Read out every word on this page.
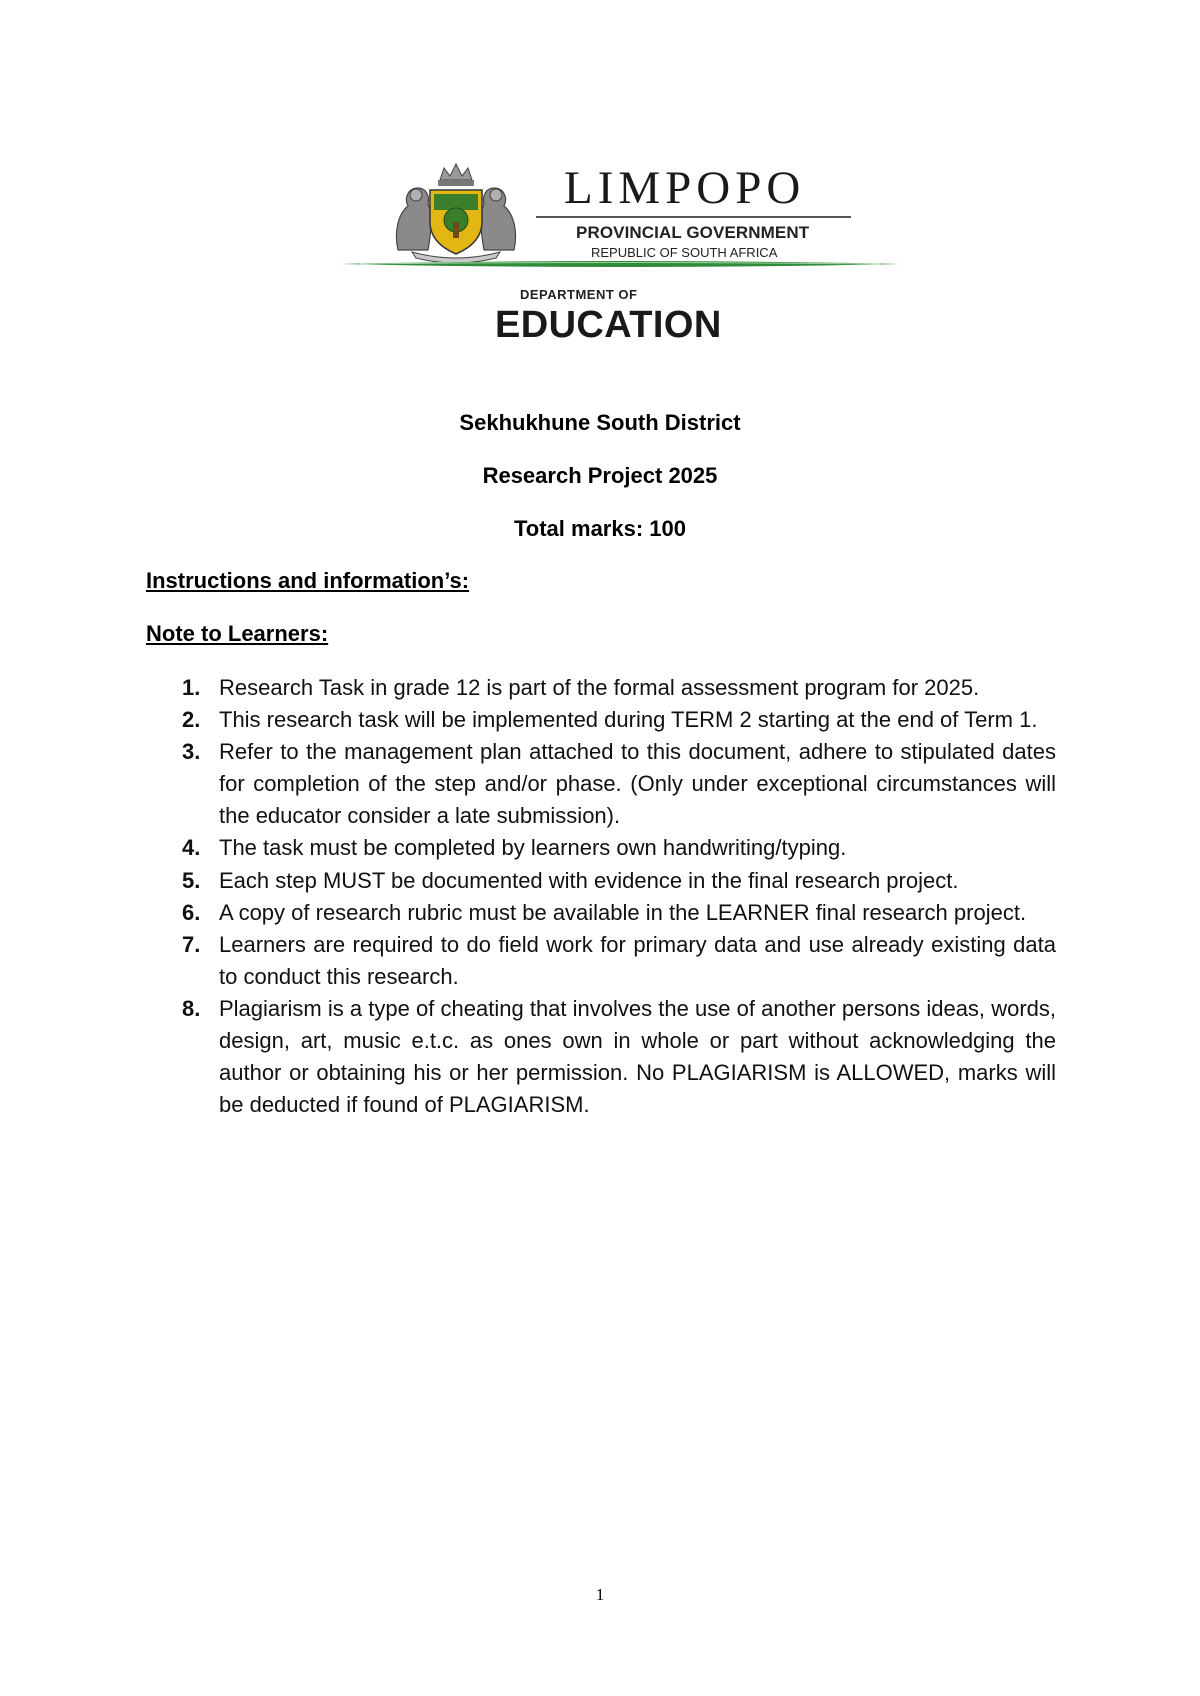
LIMPOPO
PROVINCIAL GOVERNMENT
REPUBLIC OF SOUTH AFRICA
DEPARTMENT OF
EDUCATION
Sekhukhune South District
Research Project 2025
Total marks: 100
Instructions and information’s:
Note to Learners:
1. Research Task in grade 12 is part of the formal assessment program for 2025.
2. This research task will be implemented during TERM 2 starting at the end of Term 1.
3. Refer to the management plan attached to this document, adhere to stipulated dates for completion of the step and/or phase. (Only under exceptional circumstances will the educator consider a late submission).
4. The task must be completed by learners own handwriting/typing.
5. Each step MUST be documented with evidence in the final research project.
6. A copy of research rubric must be available in the LEARNER final research project.
7. Learners are required to do field work for primary data and use already existing data to conduct this research.
8. Plagiarism is a type of cheating that involves the use of another persons ideas, words, design, art, music e.t.c. as ones own in whole or part without acknowledging the author or obtaining his or her permission. No PLAGIARISM is ALLOWED, marks will be deducted if found of PLAGIARISM.
1
